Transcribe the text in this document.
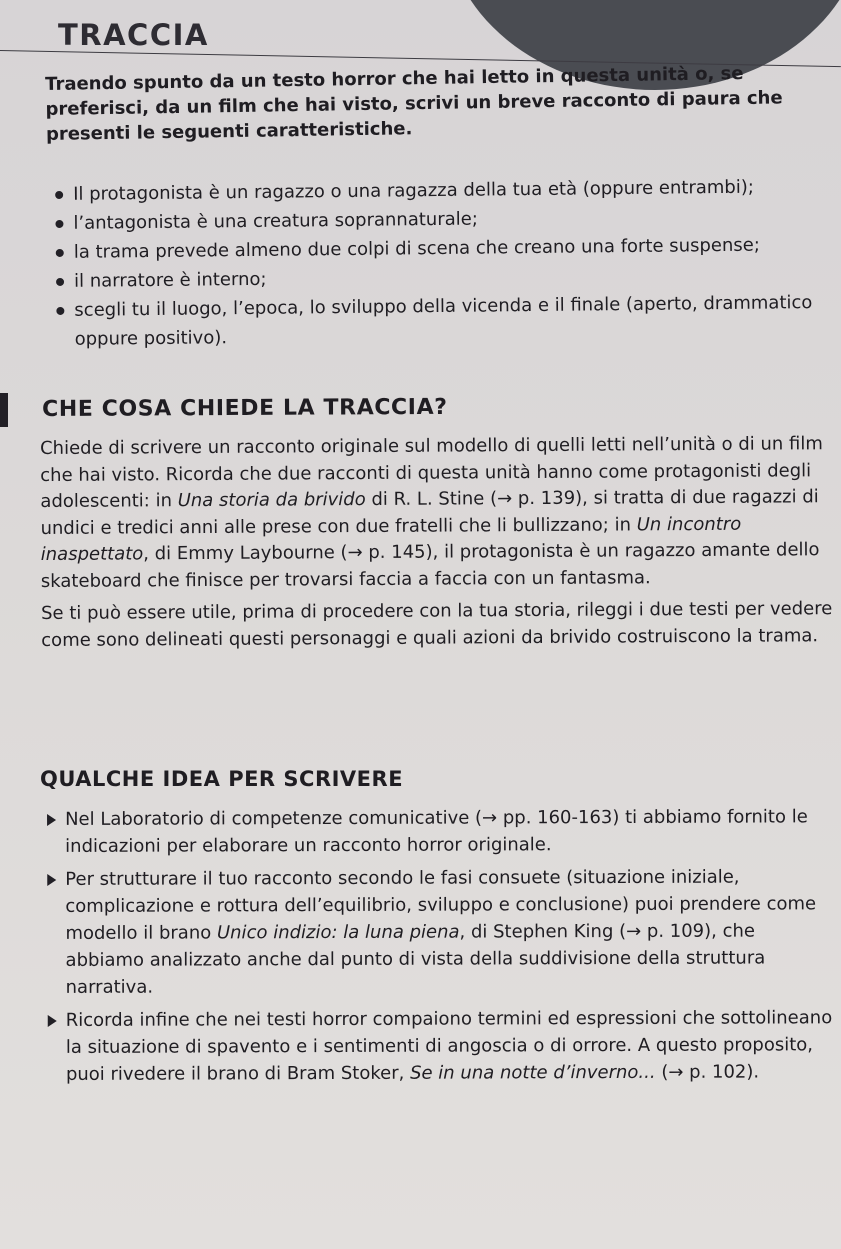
TRACCIA

Traendo spunto da un testo horror che hai letto in questa unità o, se preferisci, da un film che hai visto, scrivi un breve racconto di paura che presenti le seguenti caratteristiche.

Il protagonista è un ragazzo o una ragazza della tua età (oppure entrambi);
l’antagonista è una creatura soprannaturale;
la trama prevede almeno due colpi di scena che creano una forte suspense;
il narratore è interno;
scegli tu il luogo, l’epoca, lo sviluppo della vicenda e il finale (aperto, drammatico oppure positivo).
CHE COSA CHIEDE LA TRACCIA?

Chiede di scrivere un racconto originale sul modello di quelli letti nell’unità o di un film che hai visto. Ricorda che due racconti di questa unità hanno come protagonisti degli adolescenti: in Una storia da brivido di R. L. Stine (→ p. 139), si tratta di due ragazzi di undici e tredici anni alle prese con due fratelli che li bullizzano; in Un incontro inaspettato, di Emmy Laybourne (→ p. 145), il protagonista è un ragazzo amante dello skateboard che finisce per trovarsi faccia a faccia con un fantasma.

Se ti può essere utile, prima di procedere con la tua storia, rileggi i due testi per vedere come sono delineati questi personaggi e quali azioni da brivido costruiscono la trama.

QUALCHE IDEA PER SCRIVERE
Nel Laboratorio di competenze comunicative (→ pp. 160-163) ti abbiamo fornito le indicazioni per elaborare un racconto horror originale.
Per strutturare il tuo racconto secondo le fasi consuete (situazione iniziale, complicazione e rottura dell’equilibrio, sviluppo e conclusione) puoi prendere come modello il brano Unico indizio: la luna piena, di Stephen King (→ p. 109), che abbiamo analizzato anche dal punto di vista della suddivisione della struttura narrativa.
Ricorda infine che nei testi horror compaiono termini ed espressioni che sottolineano la situazione di spavento e i sentimenti di angoscia o di orrore. A questo proposito, puoi rivedere il brano di Bram Stoker, Se in una notte d’inverno... (→ p. 102).
